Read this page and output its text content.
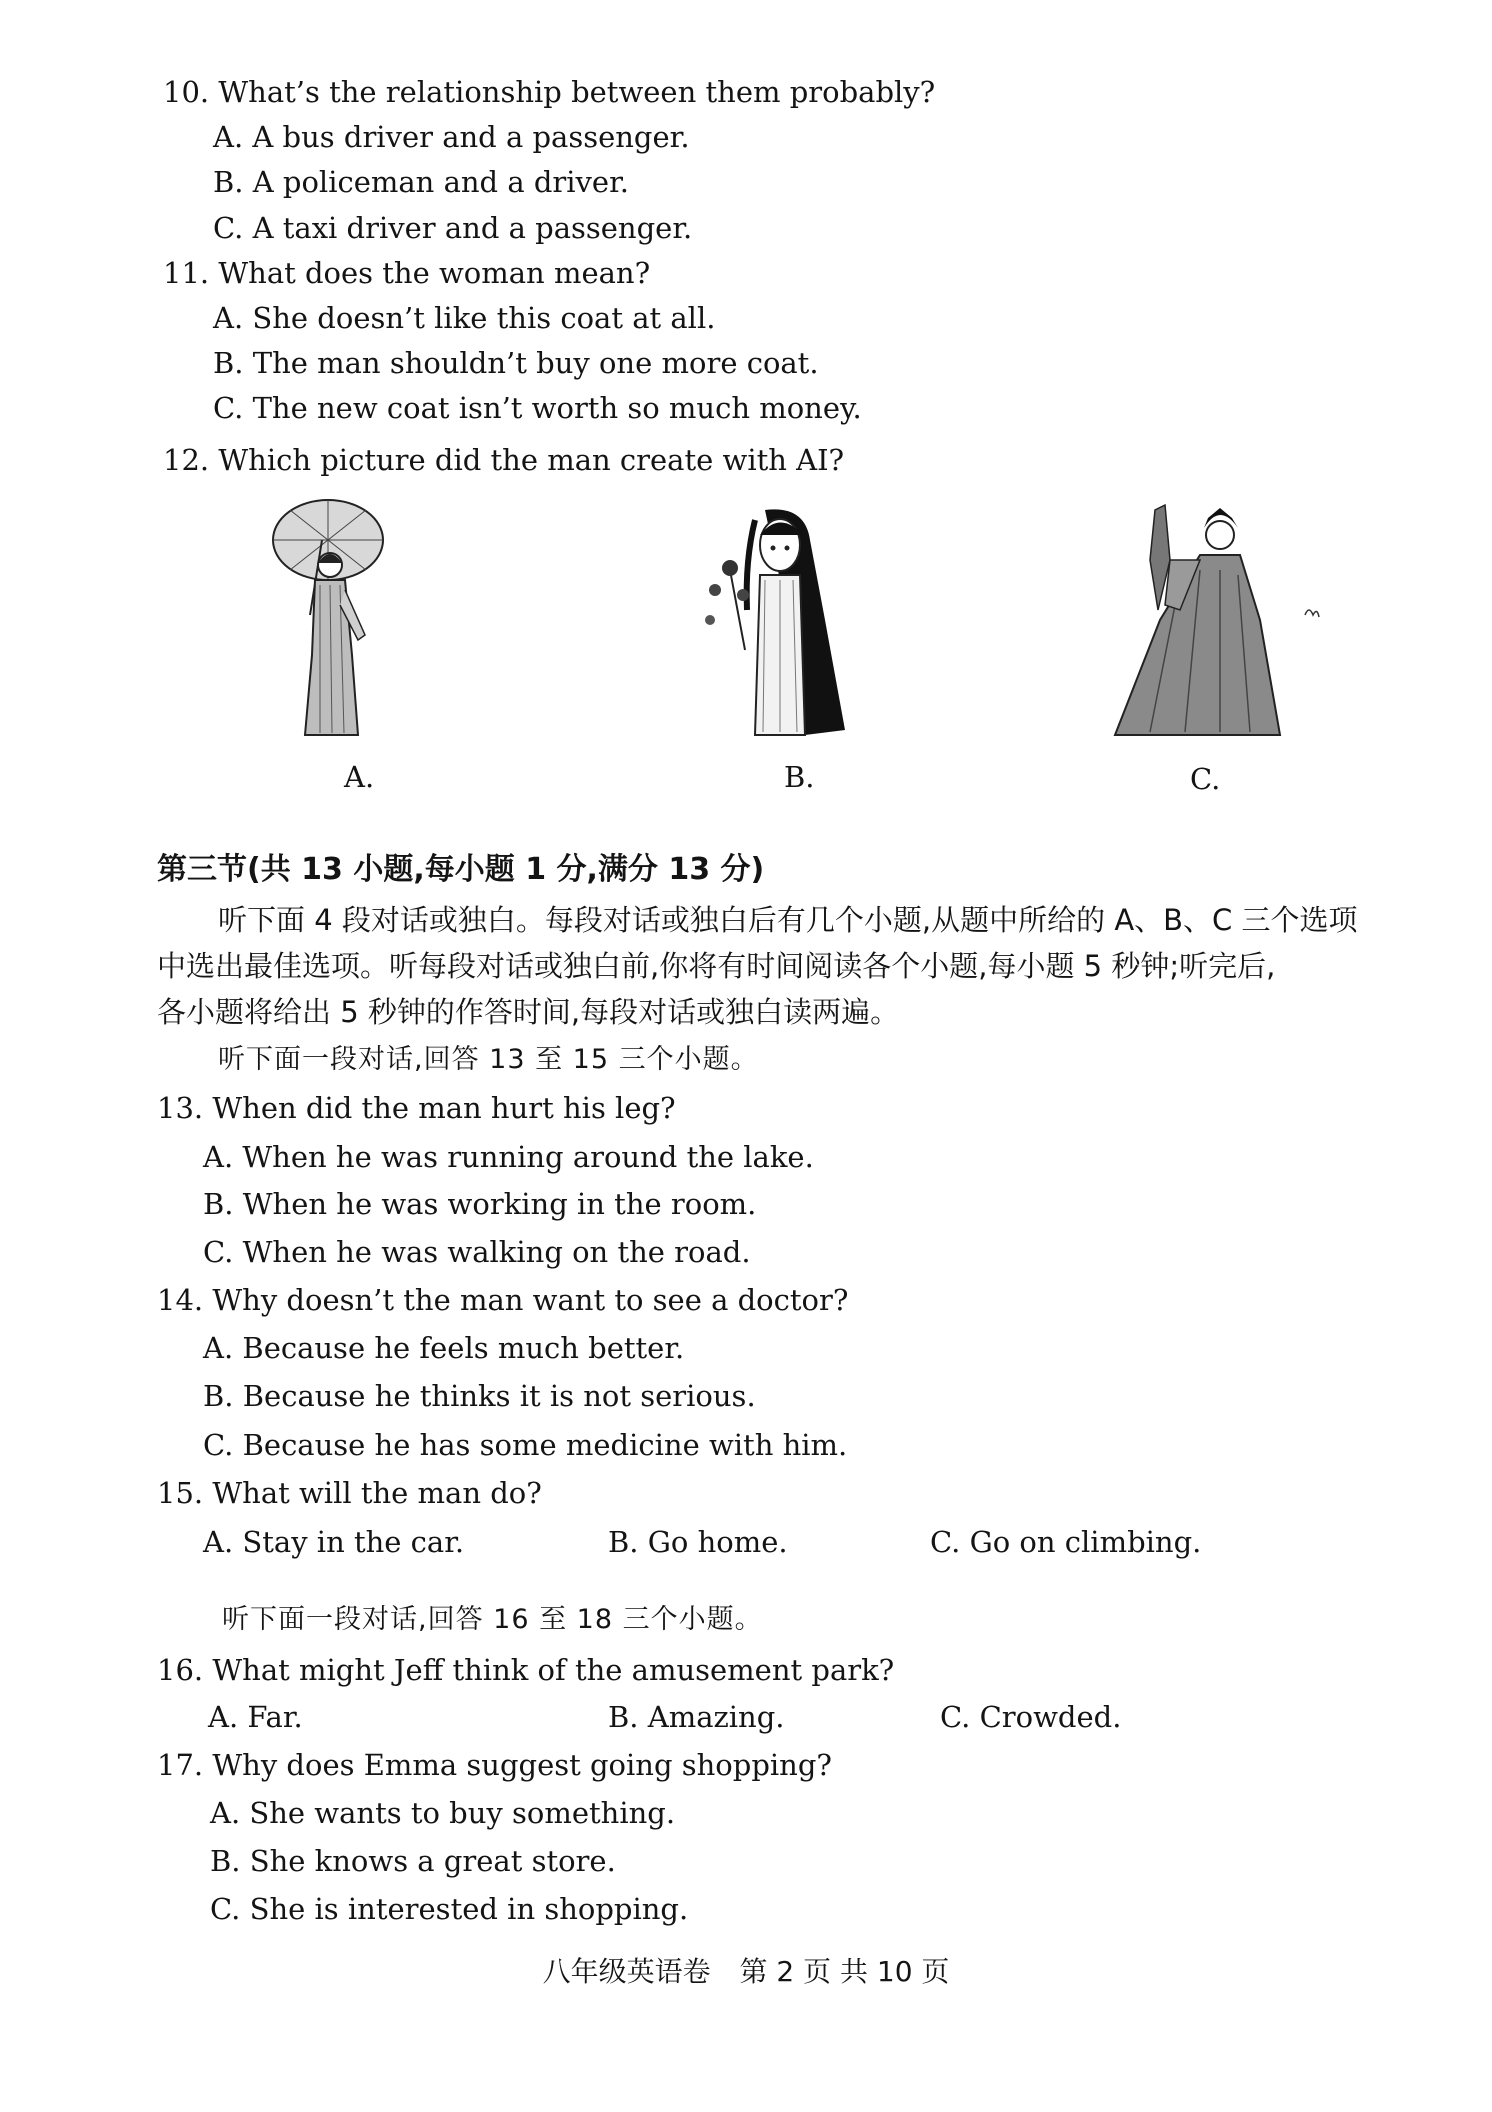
10. What’s the relationship between them probably?
A. A bus driver and a passenger.
B. A policeman and a driver.
C. A taxi driver and a passenger.
11. What does the woman mean?
A. She doesn’t like this coat at all.
B. The man shouldn’t buy one more coat.
C. The new coat isn’t worth so much money.
12. Which picture did the man create with AI?
A.	B.	C.
第三节(共 13 小题,每小题 1 分,满分 13 分)
听下面 4 段对话或独白。每段对话或独白后有几个小题,从题中所给的 A、B、C 三个选项
中选出最佳选项。听每段对话或独白前,你将有时间阅读各个小题,每小题 5 秒钟;听完后,
各小题将给出 5 秒钟的作答时间,每段对话或独白读两遍。
听下面一段对话,回答 13 至 15 三个小题。
13. When did the man hurt his leg?
A. When he was running around the lake.
B. When he was working in the room.
C. When he was walking on the road.
14. Why doesn’t the man want to see a doctor?
A. Because he feels much better.
B. Because he thinks it is not serious.
C. Because he has some medicine with him.
15. What will the man do?
A. Stay in the car.	B. Go home.	C. Go on climbing.
听下面一段对话,回答 16 至 18 三个小题。
16. What might Jeff think of the amusement park?
A. Far.	B. Amazing.	C. Crowded.
17. Why does Emma suggest going shopping?
A. She wants to buy something.
B. She knows a great store.
C. She is interested in shopping.
八年级英语卷 第 2 页 共 10 页
